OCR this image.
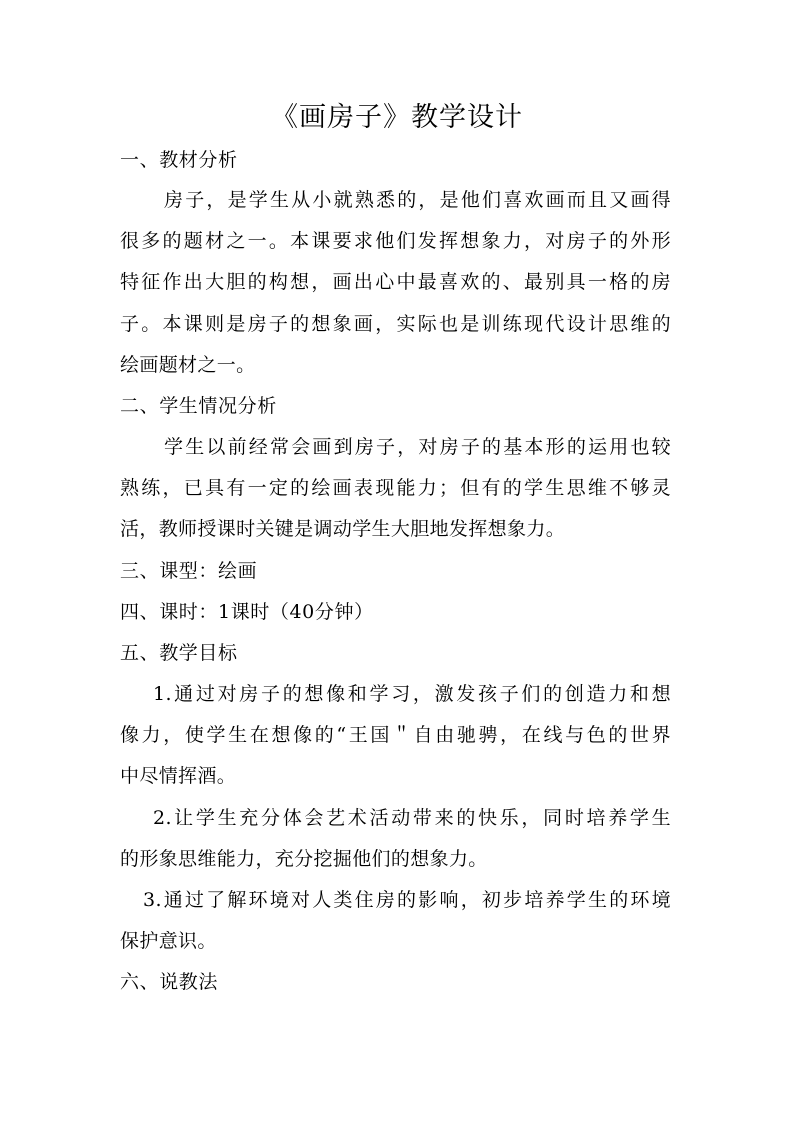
《画房子》教学设计
一、教材分析
房子，是学生从小就熟悉的，是他们喜欢画而且又画得
很多的题材之一。本课要求他们发挥想象力，对房子的外形
特征作出大胆的构想，画出心中最喜欢的、最别具一格的房
子。本课则是房子的想象画，实际也是训练现代设计思维的
绘画题材之一。
二、学生情况分析
学生以前经常会画到房子，对房子的基本形的运用也较
熟练，已具有一定的绘画表现能力；但有的学生思维不够灵
活，教师授课时关键是调动学生大胆地发挥想象力。
三、课型：绘画
四、课时：1课时（40分钟）
五、教学目标
1.通过对房子的想像和学习，激发孩子们的创造力和想
像力，使学生在想像的“王国＂自由驰骋，在线与色的世界
中尽情挥酒。
2.让学生充分体会艺术活动带来的快乐，同时培养学生
的形象思维能力，充分挖掘他们的想象力。
3.通过了解环境对人类住房的影响，初步培养学生的环境
保护意识。
六、说教法
